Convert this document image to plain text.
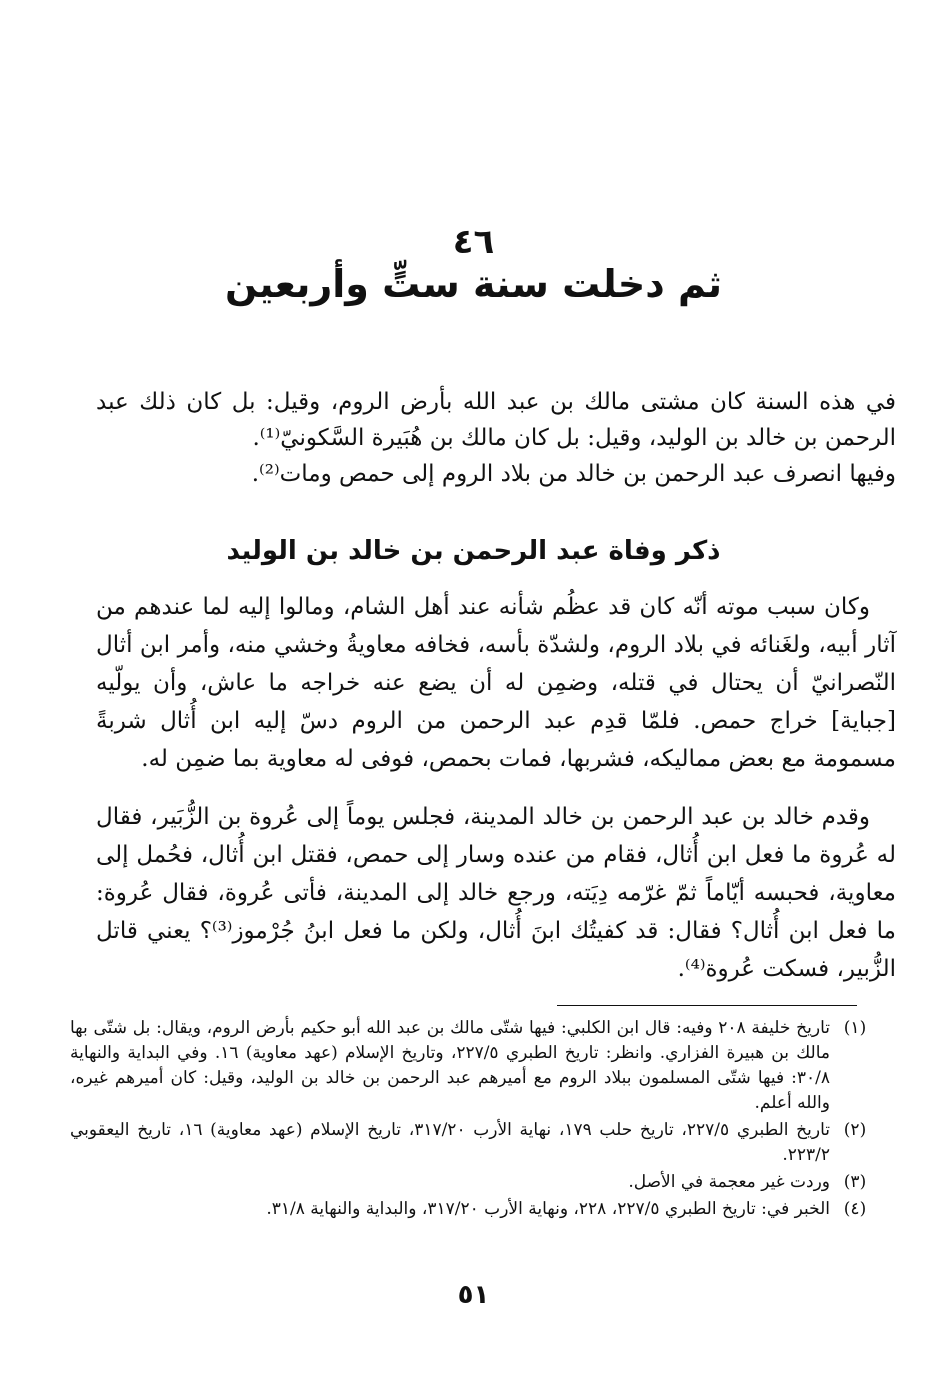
٤٦
ثم دخلت سنة ستٍّ وأربعين

في هذه السنة كان مشتى مالك بن عبد الله بأرض الروم، وقيل: بل كان ذلك عبد الرحمن بن خالد بن الوليد، وقيل: بل كان مالك بن هُبَيرة السَّكونيّ⁽¹⁾.

وفيها انصرف عبد الرحمن بن خالد من بلاد الروم إلى حمص ومات⁽²⁾.

ذكر وفاة عبد الرحمن بن خالد بن الوليد

وكان سبب موته أنّه كان قد عظُم شأنه عند أهل الشام، ومالوا إليه لما عندهم من آثار أبيه، ولغَنائه في بلاد الروم، ولشدّة بأسه، فخافه معاويةُ وخشي منه، وأمر ابن أثال النّصرانيّ أن يحتال في قتله، وضمِن له أن يضع عنه خراجه ما عاش، وأن يولّيه [جباية] خراج حمص. فلمّا قدِم عبد الرحمن من الروم دسّ إليه ابن أُثال شربةً مسمومة مع بعض مماليكه، فشربها، فمات بحمص، فوفى له معاوية بما ضمِن له.

وقدم خالد بن عبد الرحمن بن خالد المدينة، فجلس يوماً إلى عُروة بن الزُّبَير، فقال له عُروة ما فعل ابن أُثال، فقام من عنده وسار إلى حمص، فقتل ابن أُثال، فحُمل إلى معاوية، فحبسه أيّاماً ثمّ غرّمه دِيَته، ورجع خالد إلى المدينة، فأتى عُروة، فقال عُروة: ما فعل ابن أُثال؟ فقال: قد كفيتُك ابنَ أُثال، ولكن ما فعل ابنُ جُرْموز⁽³⁾؟ يعني قاتل الزُّبير، فسكت عُروة⁽⁴⁾.

(١)
تاريخ خليفة ٢٠٨ وفيه: قال ابن الكلبي: فيها شتّى مالك بن عبد الله أبو حكيم بأرض الروم، ويقال: بل شتّى بها مالك بن هبيرة الفزاري. وانظر: تاريخ الطبري ٢٢٧/٥، وتاريخ الإسلام (عهد معاوية) ١٦. وفي البداية والنهاية ٣٠/٨: فيها شتّى المسلمون ببلاد الروم مع أميرهم عبد الرحمن بن خالد بن الوليد، وقيل: كان أميرهم غيره، والله أعلم.
(٢)
تاريخ الطبري ٢٢٧/٥، تاريخ حلب ١٧٩، نهاية الأرب ٣١٧/٢٠، تاريخ الإسلام (عهد معاوية) ١٦، تاريخ اليعقوبي ٢٢٣/٢.
(٣)
وردت غير معجمة في الأصل.
(٤)
الخبر في: تاريخ الطبري ٢٢٧/٥، ٢٢٨، ونهاية الأرب ٣١٧/٢٠، والبداية والنهاية ٣١/٨.
٥١
